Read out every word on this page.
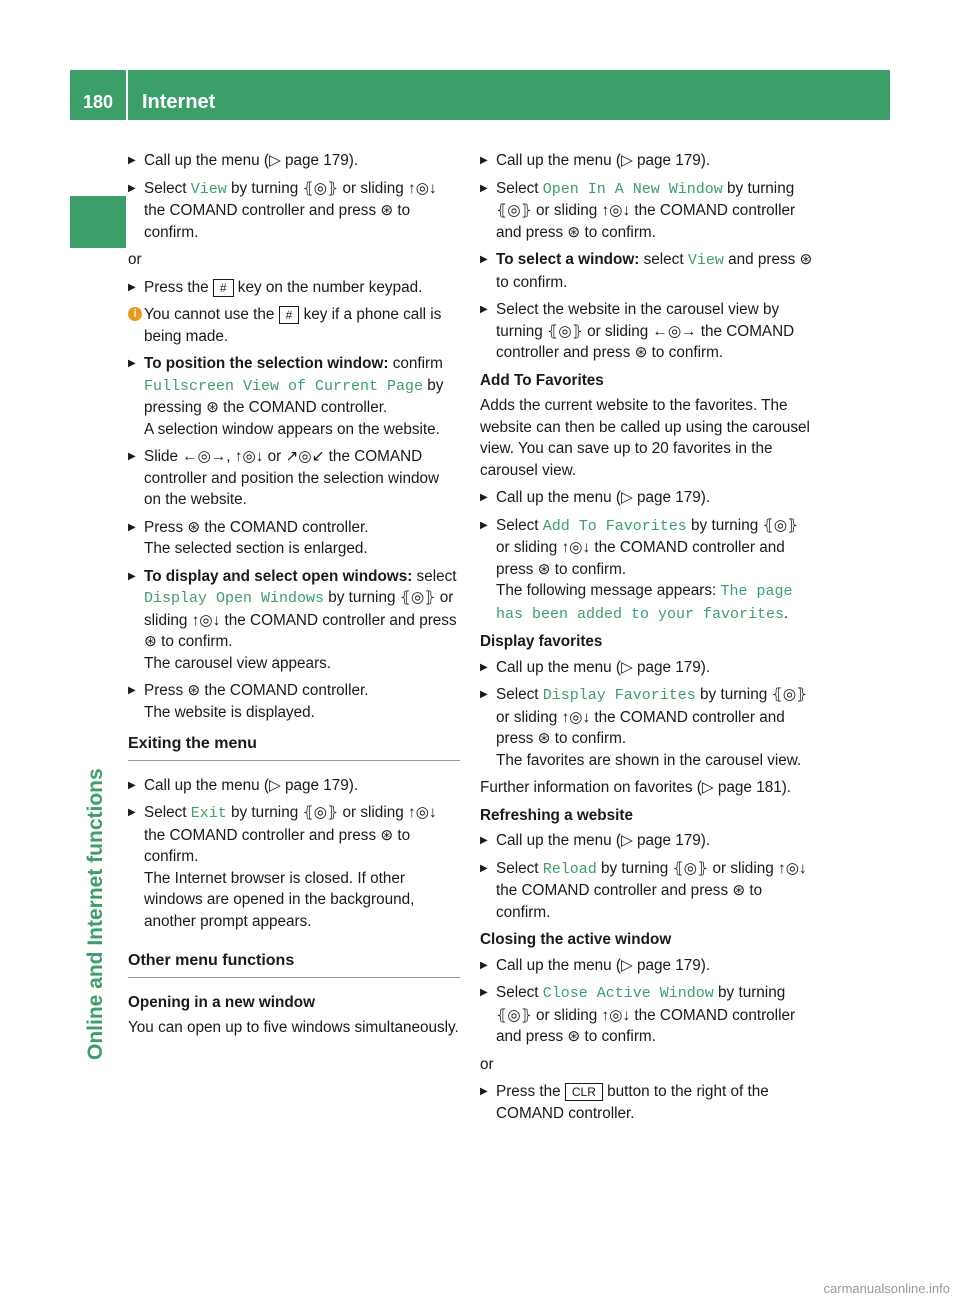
180	Internet
Online and Internet functions
▶ Call up the menu (▷ page 179).
▶ Select View by turning ⦃◎⦄ or sliding ↑◎↓ the COMAND controller and press ⊛ to confirm.
or
▶ Press the # key on the number keypad.
i You cannot use the # key if a phone call is being made.
▶ To position the selection window: confirm Fullscreen View of Current Page by pressing ⊛ the COMAND controller.
A selection window appears on the website.
▶ Slide ←◎→, ↑◎↓ or ↗◎↙ the COMAND controller and position the selection window on the website.
▶ Press ⊛ the COMAND controller.
The selected section is enlarged.
▶ To display and select open windows: select Display Open Windows by turning ⦃◎⦄ or sliding ↑◎↓ the COMAND controller and press ⊛ to confirm.
The carousel view appears.
▶ Press ⊛ the COMAND controller.
The website is displayed.
Exiting the menu
▶ Call up the menu (▷ page 179).
▶ Select Exit by turning ⦃◎⦄ or sliding ↑◎↓ the COMAND controller and press ⊛ to confirm.
The Internet browser is closed. If other windows are opened in the background, another prompt appears.
Other menu functions
Opening in a new window
You can open up to five windows simultaneously.
▶ Call up the menu (▷ page 179).
▶ Select Open In A New Window by turning ⦃◎⦄ or sliding ↑◎↓ the COMAND controller and press ⊛ to confirm.
▶ To select a window: select View and press ⊛ to confirm.
▶ Select the website in the carousel view by turning ⦃◎⦄ or sliding ←◎→ the COMAND controller and press ⊛ to confirm.
Add To Favorites
Adds the current website to the favorites. The website can then be called up using the carousel view. You can save up to 20 favorites in the carousel view.
▶ Call up the menu (▷ page 179).
▶ Select Add To Favorites by turning ⦃◎⦄ or sliding ↑◎↓ the COMAND controller and press ⊛ to confirm.
The following message appears: The page has been added to your favorites.
Display favorites
▶ Call up the menu (▷ page 179).
▶ Select Display Favorites by turning ⦃◎⦄ or sliding ↑◎↓ the COMAND controller and press ⊛ to confirm.
The favorites are shown in the carousel view.
Further information on favorites (▷ page 181).
Refreshing a website
▶ Call up the menu (▷ page 179).
▶ Select Reload by turning ⦃◎⦄ or sliding ↑◎↓ the COMAND controller and press ⊛ to confirm.
Closing the active window
▶ Call up the menu (▷ page 179).
▶ Select Close Active Window by turning ⦃◎⦄ or sliding ↑◎↓ the COMAND controller and press ⊛ to confirm.
or
▶ Press the CLR button to the right of the COMAND controller.
carmanualsonline.info
